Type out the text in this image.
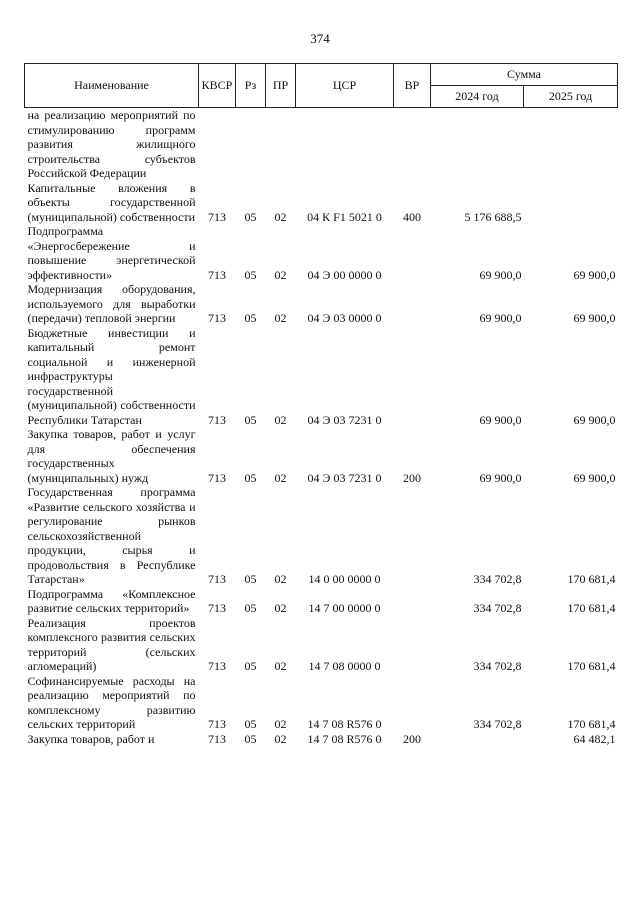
374
Наименование	КВСР	Рз	ПР	ЦСР	ВР	Сумма	
						2024 год	2025 год
на реализацию мероприятий по стимулированию программ развития жилищного строительства субъектов Российской Федерации							
Капитальные вложения в объекты государственной (муниципальной) собственности	713	05	02	04 К F1 5021 0	400	5 176 688,5	
Подпрограмма «Энергосбережение и повышение энергетической эффективности»	713	05	02	04 Э 00 0000 0		69 900,0	69 900,0
Модернизация оборудования, используемого для выработки (передачи) тепловой энергии	713	05	02	04 Э 03 0000 0		69 900,0	69 900,0
Бюджетные инвестиции и капитальный ремонт социальной и инженерной инфраструктуры государственной (муниципальной) собственности Республики Татарстан	713	05	02	04 Э 03 7231 0		69 900,0	69 900,0
Закупка товаров, работ и услуг для обеспечения государственных (муниципальных) нужд	713	05	02	04 Э 03 7231 0	200	69 900,0	69 900,0
Государственная программа «Развитие сельского хозяйства и регулирование рынков сельскохозяйственной продукции, сырья и продовольствия в Республике Татарстан»	713	05	02	14 0 00 0000 0		334 702,8	170 681,4
Подпрограмма «Комплексное развитие сельских территорий»	713	05	02	14 7 00 0000 0		334 702,8	170 681,4
Реализация проектов комплексного развития сельских территорий (сельских агломераций)	713	05	02	14 7 08 0000 0		334 702,8	170 681,4
Софинансируемые расходы на реализацию мероприятий по комплексному развитию сельских территорий	713	05	02	14 7 08 R576 0		334 702,8	170 681,4
Закупка товаров, работ и	713	05	02	14 7 08 R576 0	200		64 482,1
